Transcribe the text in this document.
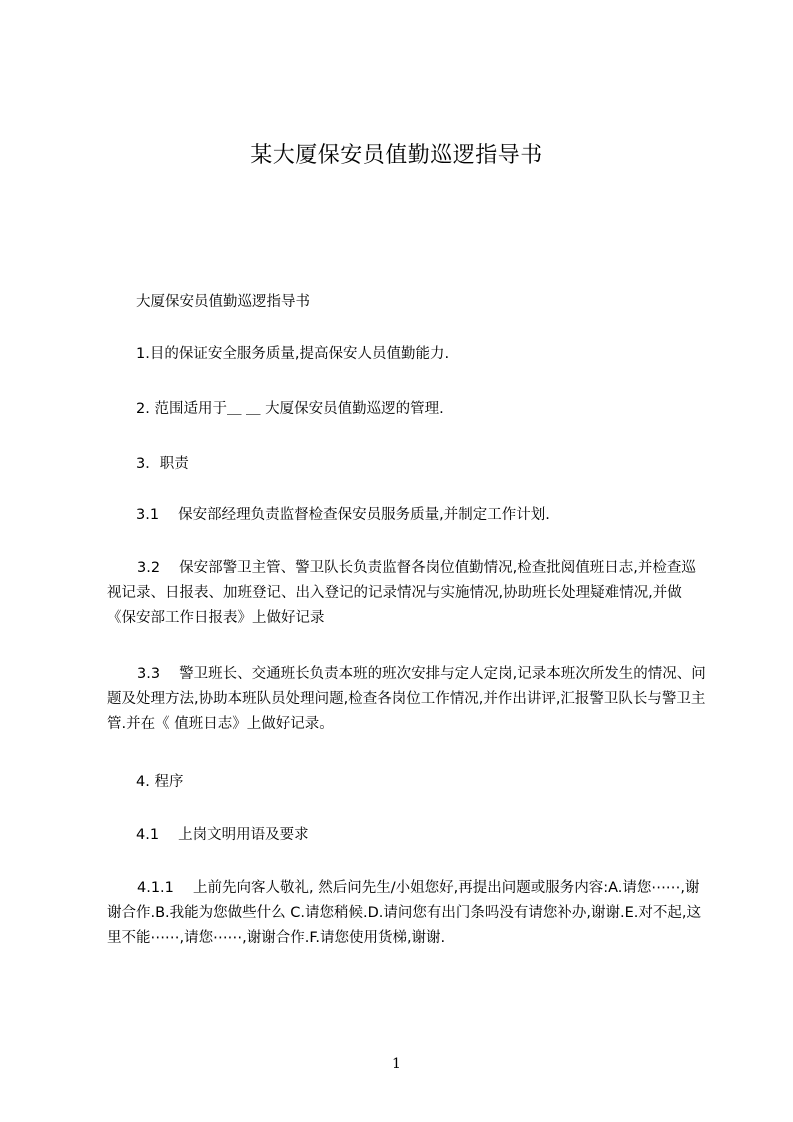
某大厦保安员值勤巡逻指导书

大厦保安员值勤巡逻指导书

1.目的保证安全服务质量,提高保安人员值勤能力.

2. 范围适用于＿ ＿ 大厦保安员值勤巡逻的管理.

3．职责

3.1　 保安部经理负责监督检查保安员服务质量,并制定工作计划.

3.2　 保安部警卫主管、警卫队长负责监督各岗位值勤情况,检查批阅值班日志,并检查巡视记录、日报表、加班登记、出入登记的记录情况与实施情况,协助班长处理疑难情况,并做《保安部工作日报表》上做好记录

3.3　 警卫班长、交通班长负责本班的班次安排与定人定岗,记录本班次所发生的情况、问题及处理方法,协助本班队员处理问题,检查各岗位工作情况,并作出讲评,汇报警卫队长与警卫主管.并在《 值班日志》上做好记录。

4. 程序

4.1　 上岗文明用语及要求

4.1.1　 上前先向客人敬礼, 然后问先生/小姐您好,再提出问题或服务内容:A.请您⋯⋯,谢谢合作.B.我能为您做些什么 C.请您稍候.D.请问您有出门条吗没有请您补办,谢谢.E.对不起,这里不能⋯⋯,请您⋯⋯,谢谢合作.F.请您使用货梯,谢谢.

1
